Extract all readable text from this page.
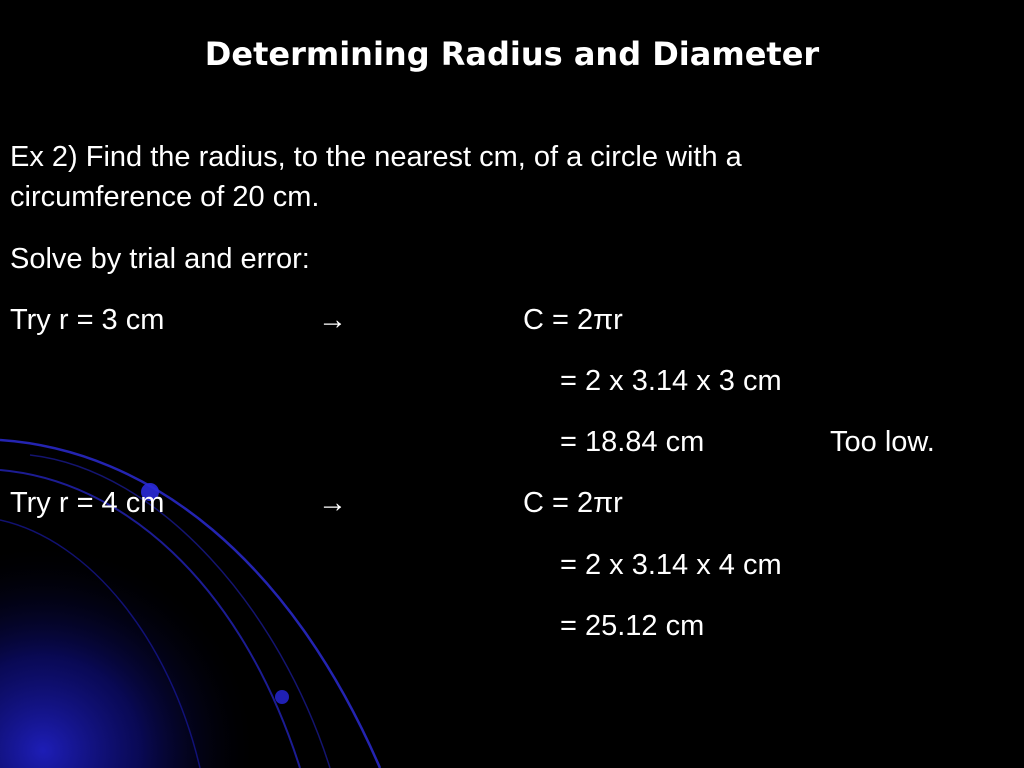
Determining Radius and Diameter
Ex 2) Find the radius, to the nearest cm, of a circle with a
circumference of 20 cm.
Solve by trial and error:
Try r = 3 cm	→	C = 2πr
= 2 x 3.14 x 3 cm
= 18.84 cm	Too low.
Try r = 4 cm	→	C = 2πr
= 2 x 3.14 x 4 cm
= 25.12 cm
